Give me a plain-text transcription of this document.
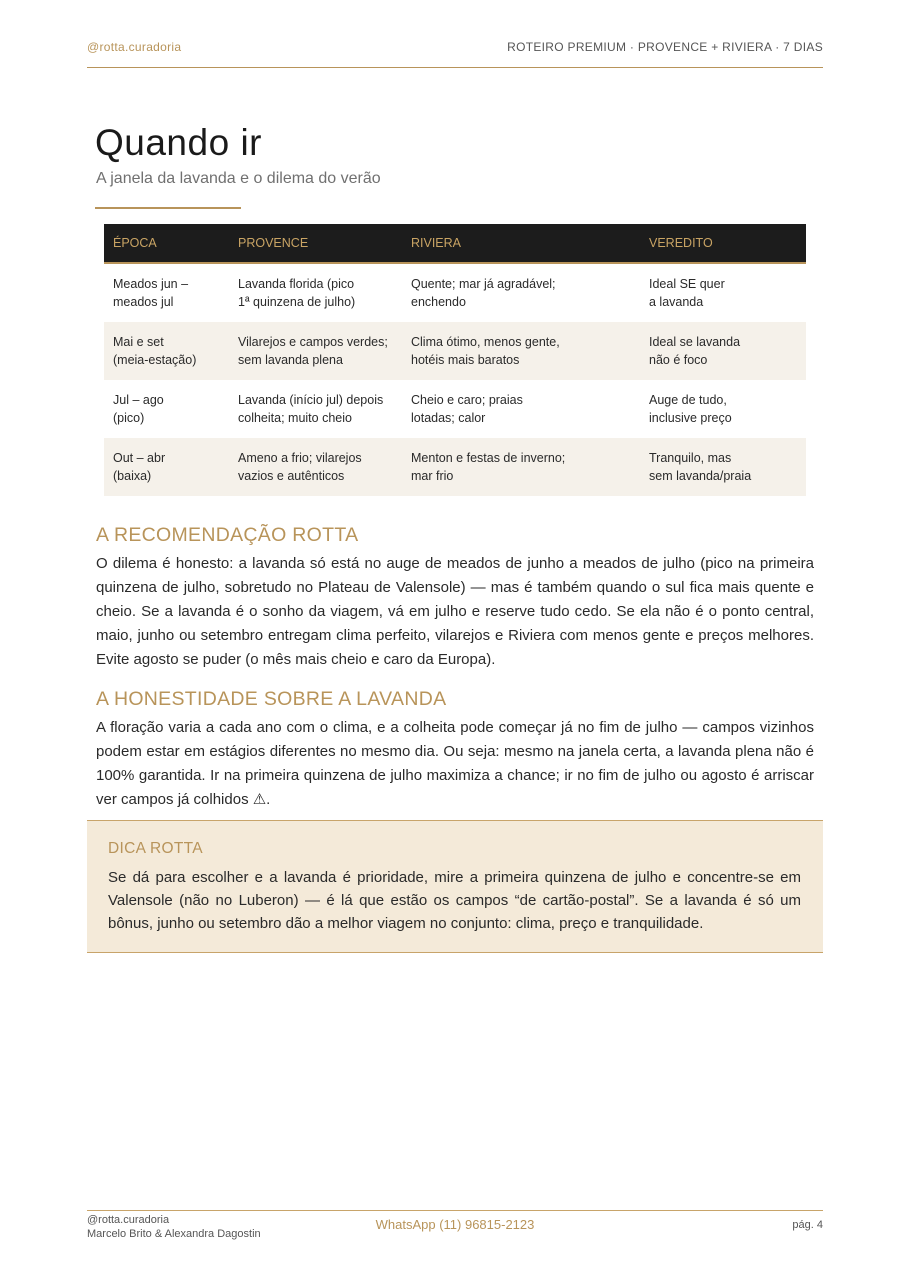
@rotta.curadoria	ROTEIRO PREMIUM · PROVENCE + RIVIERA · 7 DIAS
Quando ir
A janela da lavanda e o dilema do verão
ÉPOCA	PROVENCE	RIVIERA	VEREDITO

Meados jun –
meados jul	Lavanda florida (pico
1ª quinzena de julho)	Quente; mar já agradável;
enchendo	Ideal SE quer
a lavanda

Mai e set
(meia-estação)	Vilarejos e campos verdes;
sem lavanda plena	Clima ótimo, menos gente,
hotéis mais baratos	Ideal se lavanda
não é foco

Jul – ago
(pico)	Lavanda (início jul) depois
colheita; muito cheio	Cheio e caro; praias
lotadas; calor	Auge de tudo,
inclusive preço

Out – abr
(baixa)	Ameno a frio; vilarejos
vazios e autênticos	Menton e festas de inverno;
mar frio	Tranquilo, mas
sem lavanda/praia
A RECOMENDAÇÃO ROTTA

O dilema é honesto: a lavanda só está no auge de meados de junho a meados de julho (pico na primeira quinzena de julho, sobretudo no Plateau de Valensole) — mas é também quando o sul fica mais quente e cheio. Se a lavanda é o sonho da viagem, vá em julho e reserve tudo cedo. Se ela não é o ponto central, maio, junho ou setembro entregam clima perfeito, vilarejos e Riviera com menos gente e preços melhores. Evite agosto se puder (o mês mais cheio e caro da Europa).

A HONESTIDADE SOBRE A LAVANDA

A floração varia a cada ano com o clima, e a colheita pode começar já no fim de julho — campos vizinhos podem estar em estágios diferentes no mesmo dia. Ou seja: mesmo na janela certa, a lavanda plena não é 100% garantida. Ir na primeira quinzena de julho maximiza a chance; ir no fim de julho ou agosto é arriscar ver campos já colhidos ⚠.

DICA ROTTA

Se dá para escolher e a lavanda é prioridade, mire a primeira quinzena de julho e concentre-se em Valensole (não no Luberon) — é lá que estão os campos “de cartão-postal”. Se a lavanda é só um bônus, junho ou setembro dão a melhor viagem no conjunto: clima, preço e tranquilidade.

@rotta.curadoria
Marcelo Brito & Alexandra Dagostin
WhatsApp (11) 96815-2123	pág. 4
